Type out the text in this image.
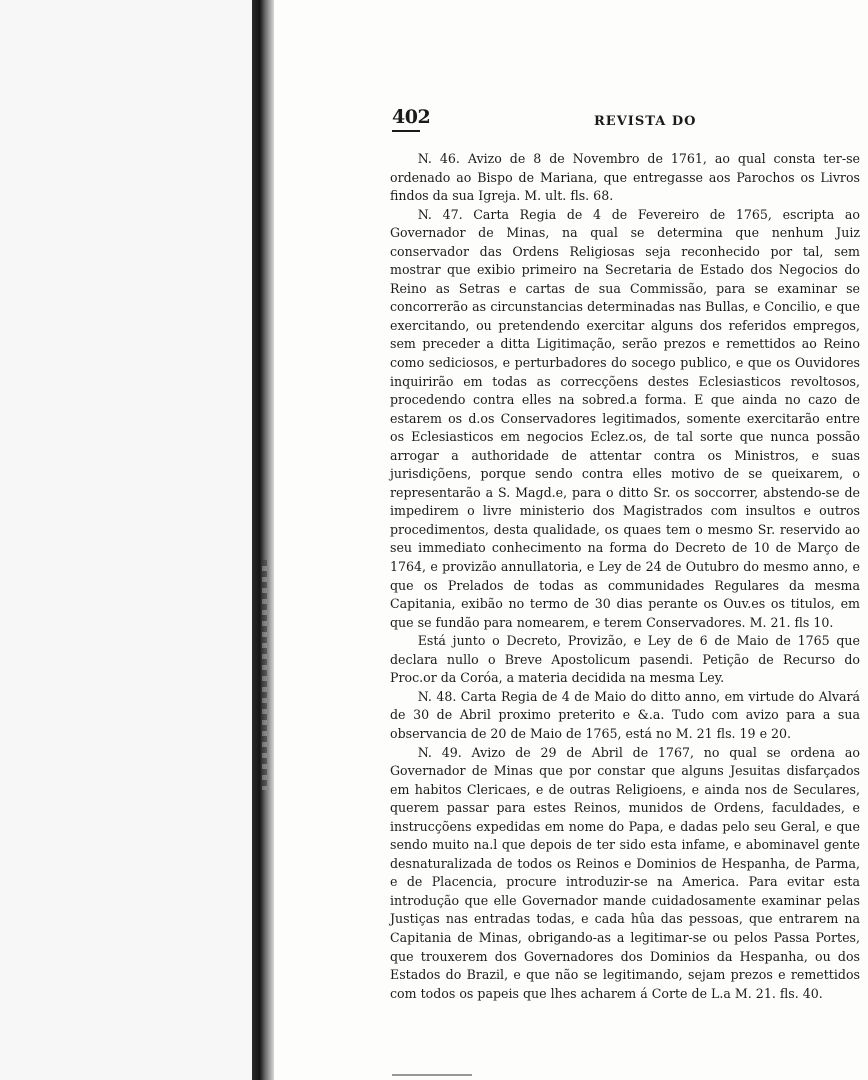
402	REVISTA DO

N. 46. Avizo de 8 de Novembro de 1761, ao qual consta ter-se ordenado ao Bispo de Mariana, que entregasse aos Parochos os Livros findos da sua Igreja. M. ult. fls. 68.

N. 47. Carta Regia de 4 de Fevereiro de 1765, escripta ao Governador de Minas, na qual se determina que nenhum Juiz conservador das Ordens Religiosas seja reconhecido por tal, sem mostrar que exibio primeiro na Secretaria de Estado dos Negocios do Reino as Setras e cartas de sua Commissão, para se examinar se concorrerão as circunstancias determinadas nas Bullas, e Concilio, e que exercitando, ou pretendendo exercitar alguns dos referidos empregos, sem preceder a ditta Ligitimação, serão prezos e remettidos ao Reino como sediciosos, e perturbadores do socego publico, e que os Ouvidores inquirirão em todas as correcçõens destes Eclesiasticos revoltosos, procedendo contra elles na sobred.a forma. E que ainda no cazo de estarem os d.os Conservadores legitimados, somente exercitarão entre os Eclesiasticos em negocios Eclez.os, de tal sorte que nunca possão arrogar a authoridade de attentar contra os Ministros, e suas jurisdiçõens, porque sendo contra elles motivo de se queixarem, o representarão a S. Magd.e, para o ditto Sr. os soccorrer, abstendo-se de impedirem o livre ministerio dos Magistrados com insultos e outros procedimentos, desta qualidade, os quaes tem o mesmo Sr. reservido ao seu immediato conhecimento na forma do Decreto de 10 de Março de 1764, e provizão annullatoria, e Ley de 24 de Outubro do mesmo anno, e que os Prelados de todas as communidades Regulares da mesma Capitania, exibão no termo de 30 dias perante os Ouv.es os titulos, em que se fundão para nomearem, e terem Conservadores. M. 21. fls 10.

Está junto o Decreto, Provizão, e Ley de 6 de Maio de 1765 que declara nullo o Breve Apostolicum pasendi. Petição de Recurso do Proc.or da Coróa, a materia decidida na mesma Ley.

N. 48. Carta Regia de 4 de Maio do ditto anno, em virtude do Alvará de 30 de Abril proximo preterito e &.a. Tudo com avizo para a sua observancia de 20 de Maio de 1765, está no M. 21 fls. 19 e 20.

N. 49. Avizo de 29 de Abril de 1767, no qual se ordena ao Governador de Minas que por constar que alguns Jesuitas disfarçados em habitos Clericaes, e de outras Religioens, e ainda nos de Seculares, querem passar para estes Reinos, munidos de Ordens, faculdades, e instrucçõens expedidas em nome do Papa, e dadas pelo seu Geral, e que sendo muito na.l que depois de ter sido esta infame, e abominavel gente desnaturalizada de todos os Reinos e Dominios de Hespanha, de Parma, e de Placencia, procure introduzir-se na America. Para evitar esta introdução que elle Governador mande cuidadosamente examinar pelas Justiças nas entradas todas, e cada hûa das pessoas, que entrarem na Capitania de Minas, obrigando-as a legitimar-se ou pelos Passa Portes, que trouxerem dos Governadores dos Dominios da Hespanha, ou dos Estados do Brazil, e que não se legitimando, sejam prezos e remettidos com todos os papeis que lhes acharem á Corte de L.a M. 21. fls. 40.
